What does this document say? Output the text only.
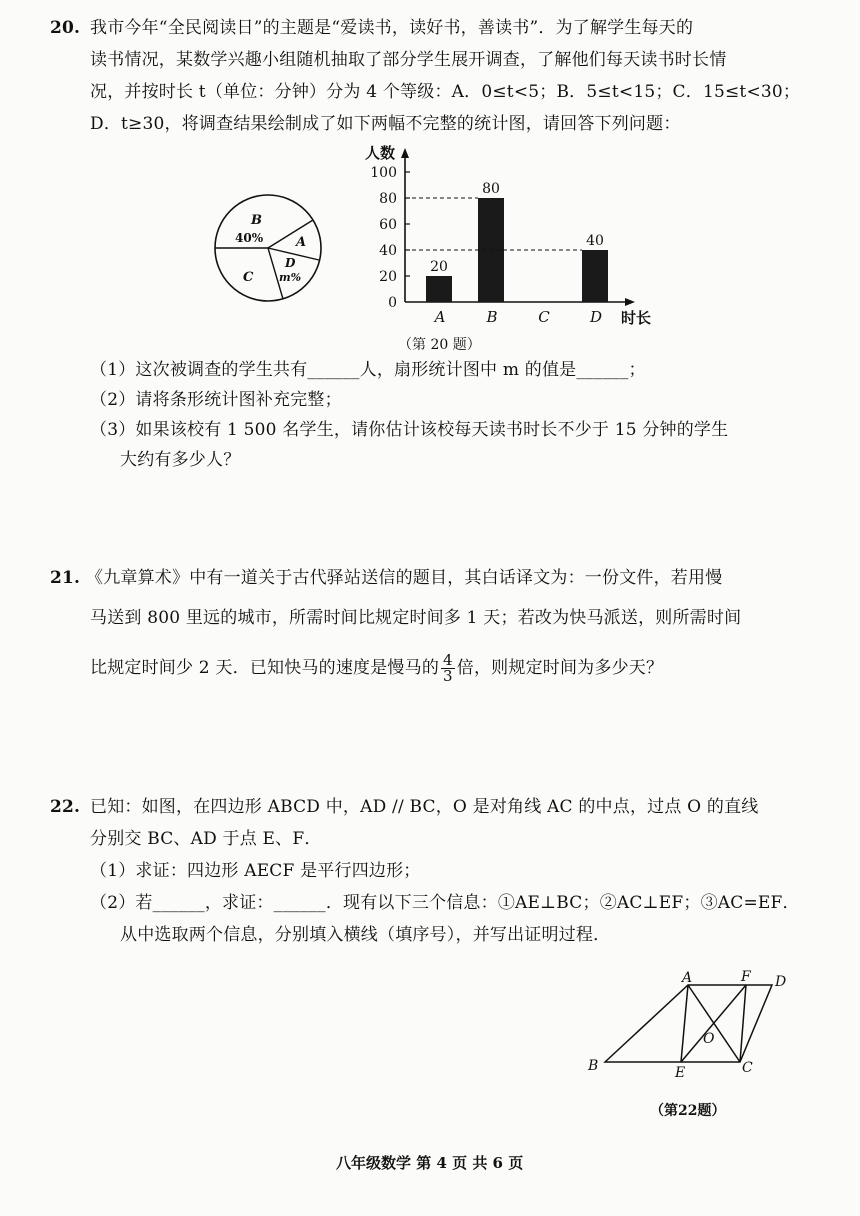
20. 我市今年“全民阅读日”的主题是“爱读书，读好书，善读书”．为了解学生每天的
读书情况，某数学兴趣小组随机抽取了部分学生展开调查，了解他们每天读书时长情
况，并按时长 t（单位：分钟）分为 4 个等级：A．0≤t<5；B．5≤t<15；C．15≤t<30；
D．t≥30，将调查结果绘制成了如下两幅不完整的统计图，请回答下列问题：
B
40%	A
C
D
m%
人数
时长
0
20
40
60
80
100
A
20
B
80
C	D
40
（第 20 题）
（1）这次被调查的学生共有______人，扇形统计图中 m 的值是______；
（2）请将条形统计图补充完整；
（3）如果该校有 1 500 名学生，请你估计该校每天读书时长不少于 15 分钟的学生
大约有多少人？
21. 《九章算术》中有一道关于古代驿站送信的题目，其白话译文为：一份文件，若用慢
马送到 800 里远的城市，所需时间比规定时间多 1 天；若改为快马派送，则所需时间
比规定时间少 2 天．已知快马的速度是慢马的 $\frac{4}{3}$ 倍，则规定时间为多少天？
22. 已知：如图，在四边形 ABCD 中，AD // BC，O 是对角线 AC 的中点，过点 O 的直线
分别交 BC、AD 于点 E、F．
（1）求证：四边形 AECF 是平行四边形；
（2）若______，求证：______．现有以下三个信息：①AE⊥BC；②AC⊥EF；③AC=EF．
从中选取两个信息，分别填入横线（填序号），并写出证明过程．
A	F D
O
B	E	C
（第22题）
八年级数学 第 4 页 共 6 页
